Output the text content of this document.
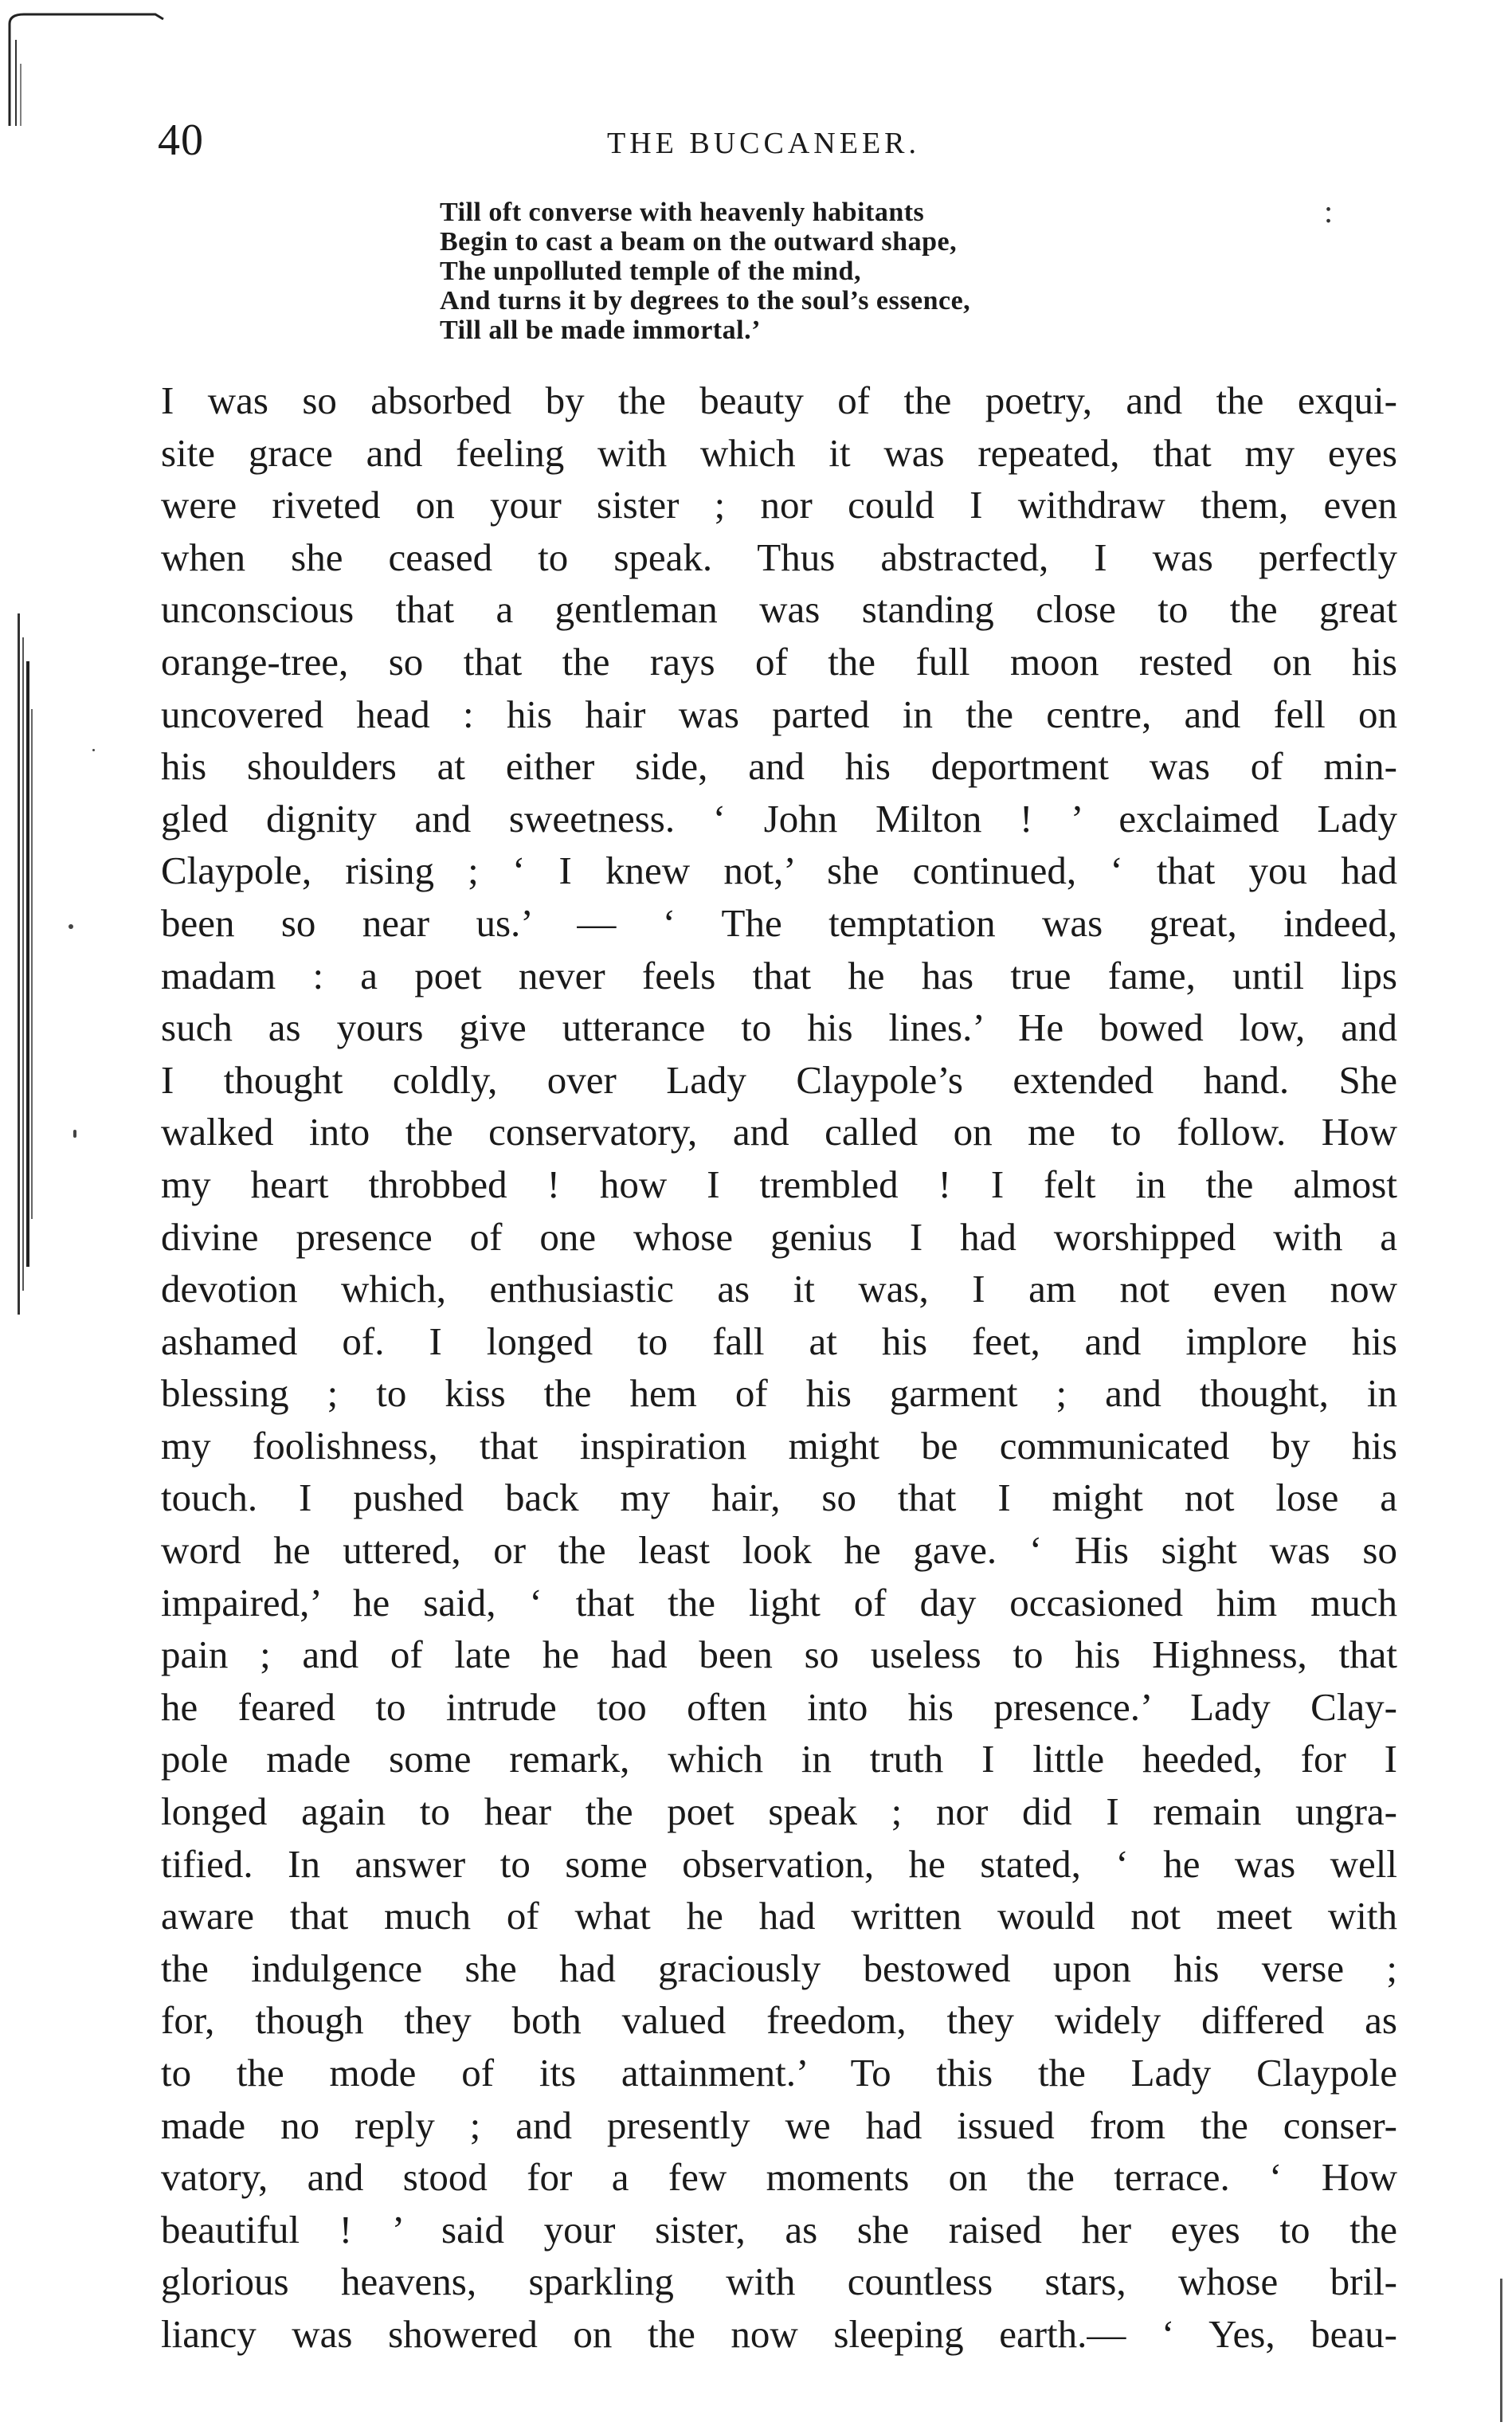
40	THE BUCCANEER.
Till oft converse with heavenly habitants
Begin to cast a beam on the outward shape,
The unpolluted temple of the mind,
And turns it by degrees to the soul’s essence,
Till all be made immortal.’
:
I was so absorbed by the beauty of the poetry, and the exqui-
site grace and feeling with which it was repeated, that my eyes
were riveted on your sister ; nor could I withdraw them, even
when she ceased to speak. Thus abstracted, I was perfectly
unconscious that a gentleman was standing close to the great
orange-tree, so that the rays of the full moon rested on his
uncovered head : his hair was parted in the centre, and fell on
his shoulders at either side, and his deportment was of min-
gled dignity and sweetness. ‘ John Milton ! ’ exclaimed Lady
Claypole, rising ; ‘ I knew not,’ she continued, ‘ that you had
been so near us.’ — ‘ The temptation was great, indeed,
madam : a poet never feels that he has true fame, until lips
such as yours give utterance to his lines.’ He bowed low, and
I thought coldly, over Lady Claypole’s extended hand. She
walked into the conservatory, and called on me to follow. How
my heart throbbed ! how I trembled ! I felt in the almost
divine presence of one whose genius I had worshipped with a
devotion which, enthusiastic as it was, I am not even now
ashamed of. I longed to fall at his feet, and implore his
blessing ; to kiss the hem of his garment ; and thought, in
my foolishness, that inspiration might be communicated by his
touch. I pushed back my hair, so that I might not lose a
word he uttered, or the least look he gave. ‘ His sight was so
impaired,’ he said, ‘ that the light of day occasioned him much
pain ; and of late he had been so useless to his Highness, that
he feared to intrude too often into his presence.’ Lady Clay-
pole made some remark, which in truth I little heeded, for I
longed again to hear the poet speak ; nor did I remain ungra-
tified. In answer to some observation, he stated, ‘ he was well
aware that much of what he had written would not meet with
the indulgence she had graciously bestowed upon his verse ;
for, though they both valued freedom, they widely differed as
to the mode of its attainment.’ To this the Lady Claypole
made no reply ; and presently we had issued from the conser-
vatory, and stood for a few moments on the terrace. ‘ How
beautiful ! ’ said your sister, as she raised her eyes to the
glorious heavens, sparkling with countless stars, whose bril-
liancy was showered on the now sleeping earth.— ‘ Yes, beau-
